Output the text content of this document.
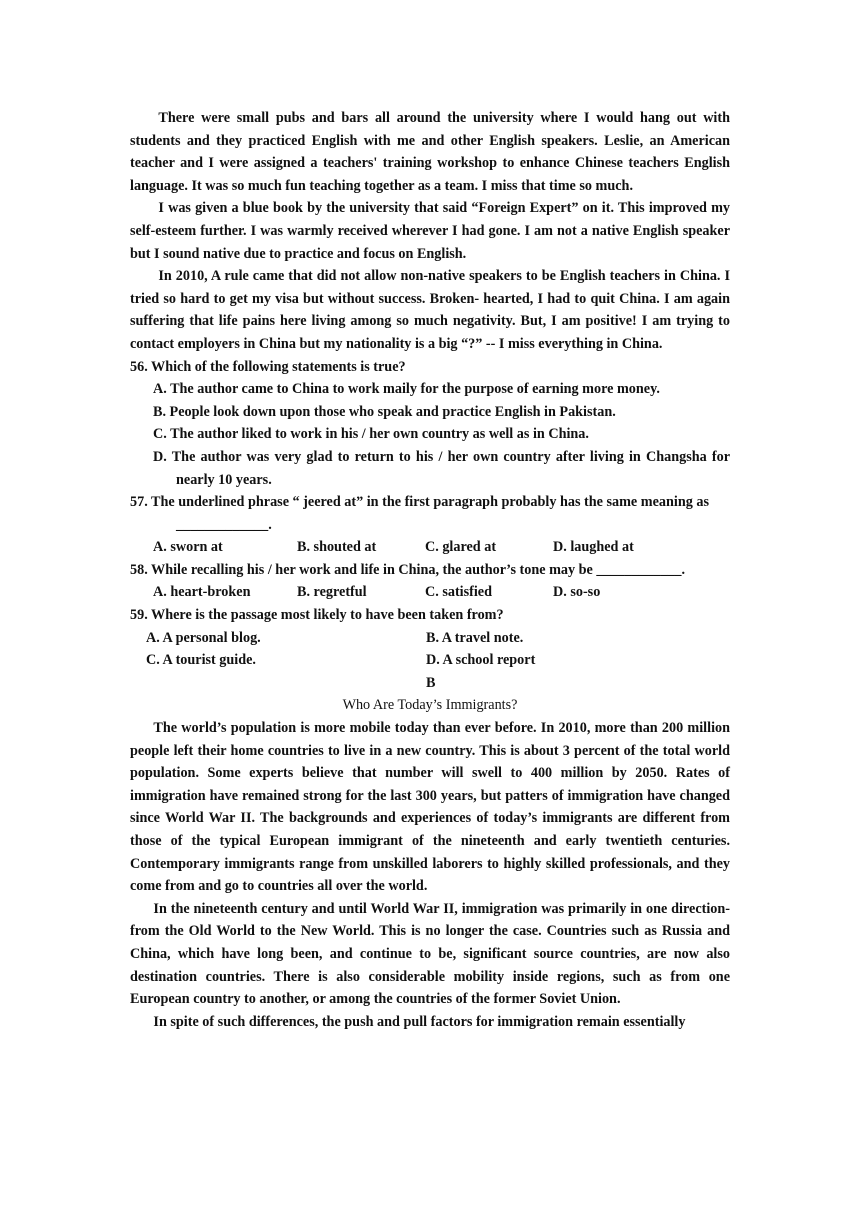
There were small pubs and bars all around the university where I would hang out with students and they practiced English with me and other English speakers. Leslie, an American teacher and I were assigned a teachers' training workshop to enhance Chinese teachers English language. It was so much fun teaching together as a team. I miss that time so much.

I was given a blue book by the university that said “Foreign Expert” on it. This improved my self-esteem further. I was warmly received wherever I had gone. I am not a native English speaker but I sound native due to practice and focus on English.

In 2010, A rule came that did not allow non-native speakers to be English teachers in China. I tried so hard to get my visa but without success. Broken- hearted, I had to quit China. I am again suffering that life pains here living among so much negativity. But, I am positive! I am trying to contact employers in China but my nationality is a big “?” -- I miss everything in China.

56. Which of the following statements is true?

A. The author came to China to work maily for the purpose of earning more money.

B. People look down upon those who speak and practice English in Pakistan.

C. The author liked to work in his / her own country as well as in China.

D. The author was very glad to return to his / her own country after living in Changsha for nearly 10 years.

57. The underlined phrase “ jeered at” in the first paragraph probably has the same meaning as

_____________.

A. sworn at	B. shouted at	C. glared at	D. laughed at

58. While recalling his / her work and life in China, the author’s tone may be ____________.

A. heart-broken	B. regretful	C. satisfied	D. so-so

59. Where is the passage most likely to have been taken from?

A. A personal blog.	B. A travel note.
C. A tourist guide.	D. A school report

B

Who Are Today’s Immigrants?

The world’s population is more mobile today than ever before. In 2010, more than 200 million people left their home countries to live in a new country. This is about 3 percent of the total world population. Some experts believe that number will swell to 400 million by 2050. Rates of immigration have remained strong for the last 300 years, but patters of immigration have changed since World War II. The backgrounds and experiences of today’s immigrants are different from those of the typical European immigrant of the nineteenth and early twentieth centuries. Contemporary immigrants range from unskilled laborers to highly skilled professionals, and they come from and go to countries all over the world.

In the nineteenth century and until World War II, immigration was primarily in one direction- from the Old World to the New World. This is no longer the case. Countries such as Russia and China, which have long been, and continue to be, significant source countries, are now also destination countries. There is also considerable mobility inside regions, such as from one European country to another, or among the countries of the former Soviet Union.

In spite of such differences, the push and pull factors for immigration remain essentially
